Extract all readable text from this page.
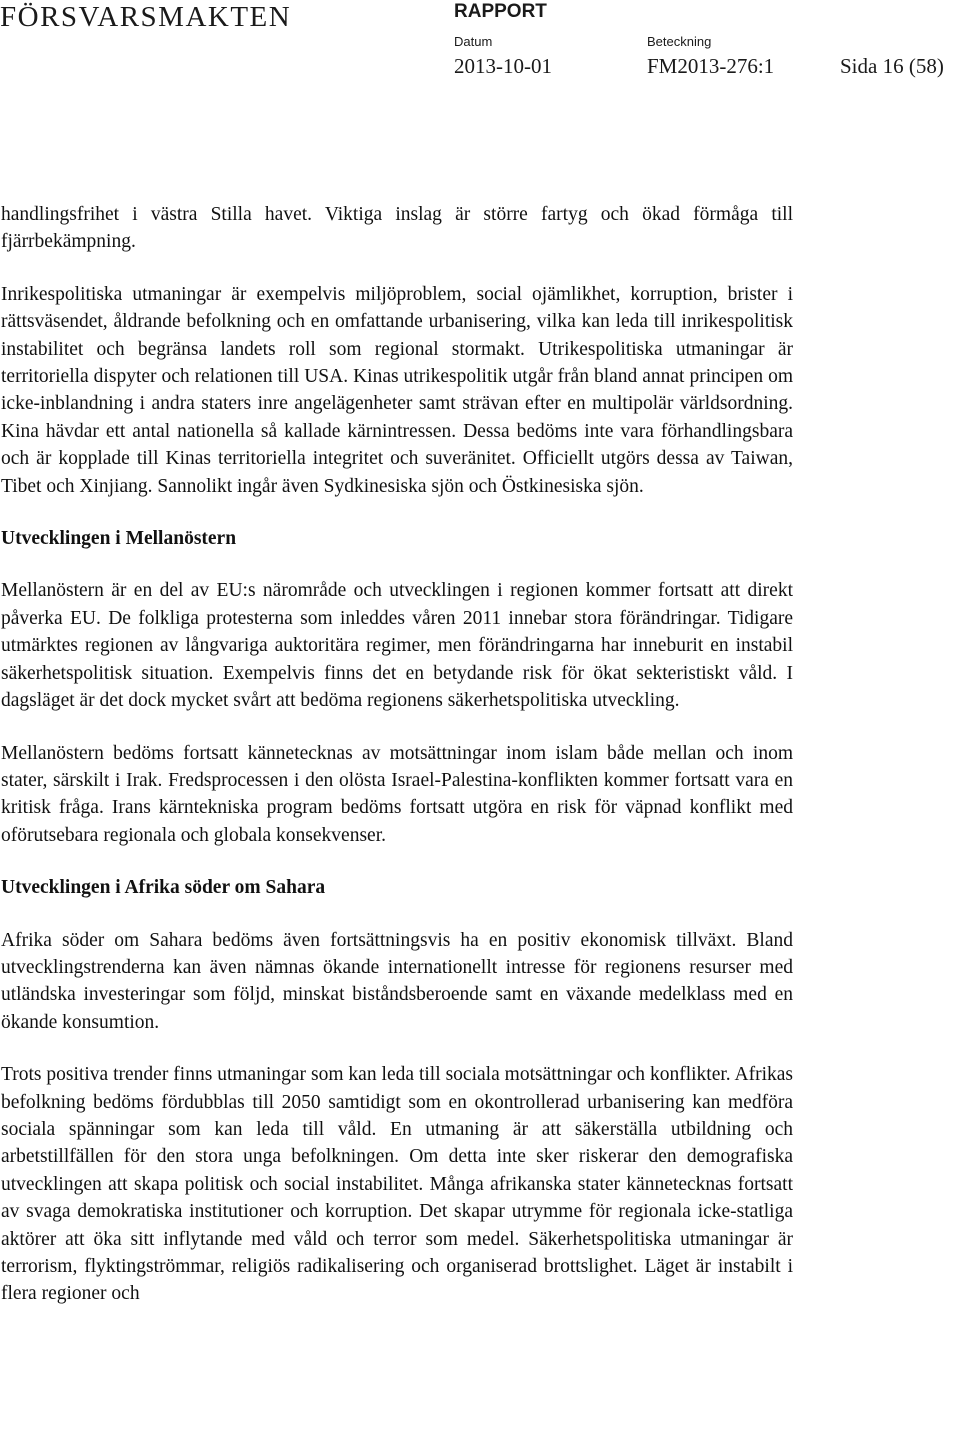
FÖRSVARSMAKTEN	RAPPORT
Datum	Beteckning
2013-10-01	FM2013-276:1	Sida 16 (58)

handlingsfrihet i västra Stilla havet. Viktiga inslag är större fartyg och ökad förmåga till fjärrbekämpning.

Inrikespolitiska utmaningar är exempelvis miljöproblem, social ojämlikhet, korruption, brister i rättsväsendet, åldrande befolkning och en omfattande urbanisering, vilka kan leda till inrikespolitisk instabilitet och begränsa landets roll som regional stormakt. Utrikespolitiska utmaningar är territoriella dispyter och relationen till USA. Kinas utrikespolitik utgår från bland annat principen om icke-inblandning i andra staters inre angelägenheter samt strävan efter en multipolär världsordning. Kina hävdar ett antal nationella så kallade kärnintressen. Dessa bedöms inte vara förhandlingsbara och är kopplade till Kinas territoriella integritet och suveränitet. Officiellt utgörs dessa av Taiwan, Tibet och Xinjiang. Sannolikt ingår även Sydkinesiska sjön och Östkinesiska sjön.

Utvecklingen i Mellanöstern

Mellanöstern är en del av EU:s närområde och utvecklingen i regionen kommer fortsatt att direkt påverka EU. De folkliga protesterna som inleddes våren 2011 innebar stora förändringar. Tidigare utmärktes regionen av långvariga auktoritära regimer, men förändringarna har inneburit en instabil säkerhetspolitisk situation. Exempelvis finns det en betydande risk för ökat sekteristiskt våld. I dagsläget är det dock mycket svårt att bedöma regionens säkerhetspolitiska utveckling.

Mellanöstern bedöms fortsatt kännetecknas av motsättningar inom islam både mellan och inom stater, särskilt i Irak. Fredsprocessen i den olösta Israel-Palestina-konflikten kommer fortsatt vara en kritisk fråga. Irans kärntekniska program bedöms fortsatt utgöra en risk för väpnad konflikt med oförutsebara regionala och globala konsekvenser.

Utvecklingen i Afrika söder om Sahara

Afrika söder om Sahara bedöms även fortsättningsvis ha en positiv ekonomisk tillväxt. Bland utvecklingstrenderna kan även nämnas ökande internationellt intresse för regionens resurser med utländska investeringar som följd, minskat biståndsberoende samt en växande medelklass med en ökande konsumtion.

Trots positiva trender finns utmaningar som kan leda till sociala motsättningar och konflikter. Afrikas befolkning bedöms fördubblas till 2050 samtidigt som en okontrollerad urbanisering kan medföra sociala spänningar som kan leda till våld. En utmaning är att säkerställa utbildning och arbetstillfällen för den stora unga befolkningen. Om detta inte sker riskerar den demografiska utvecklingen att skapa politisk och social instabilitet. Många afrikanska stater kännetecknas fortsatt av svaga demokratiska institutioner och korruption. Det skapar utrymme för regionala icke-statliga aktörer att öka sitt inflytande med våld och terror som medel. Säkerhetspolitiska utmaningar är terrorism, flyktingströmmar, religiös radikalisering och organiserad brottslighet. Läget är instabilt i flera regioner och
